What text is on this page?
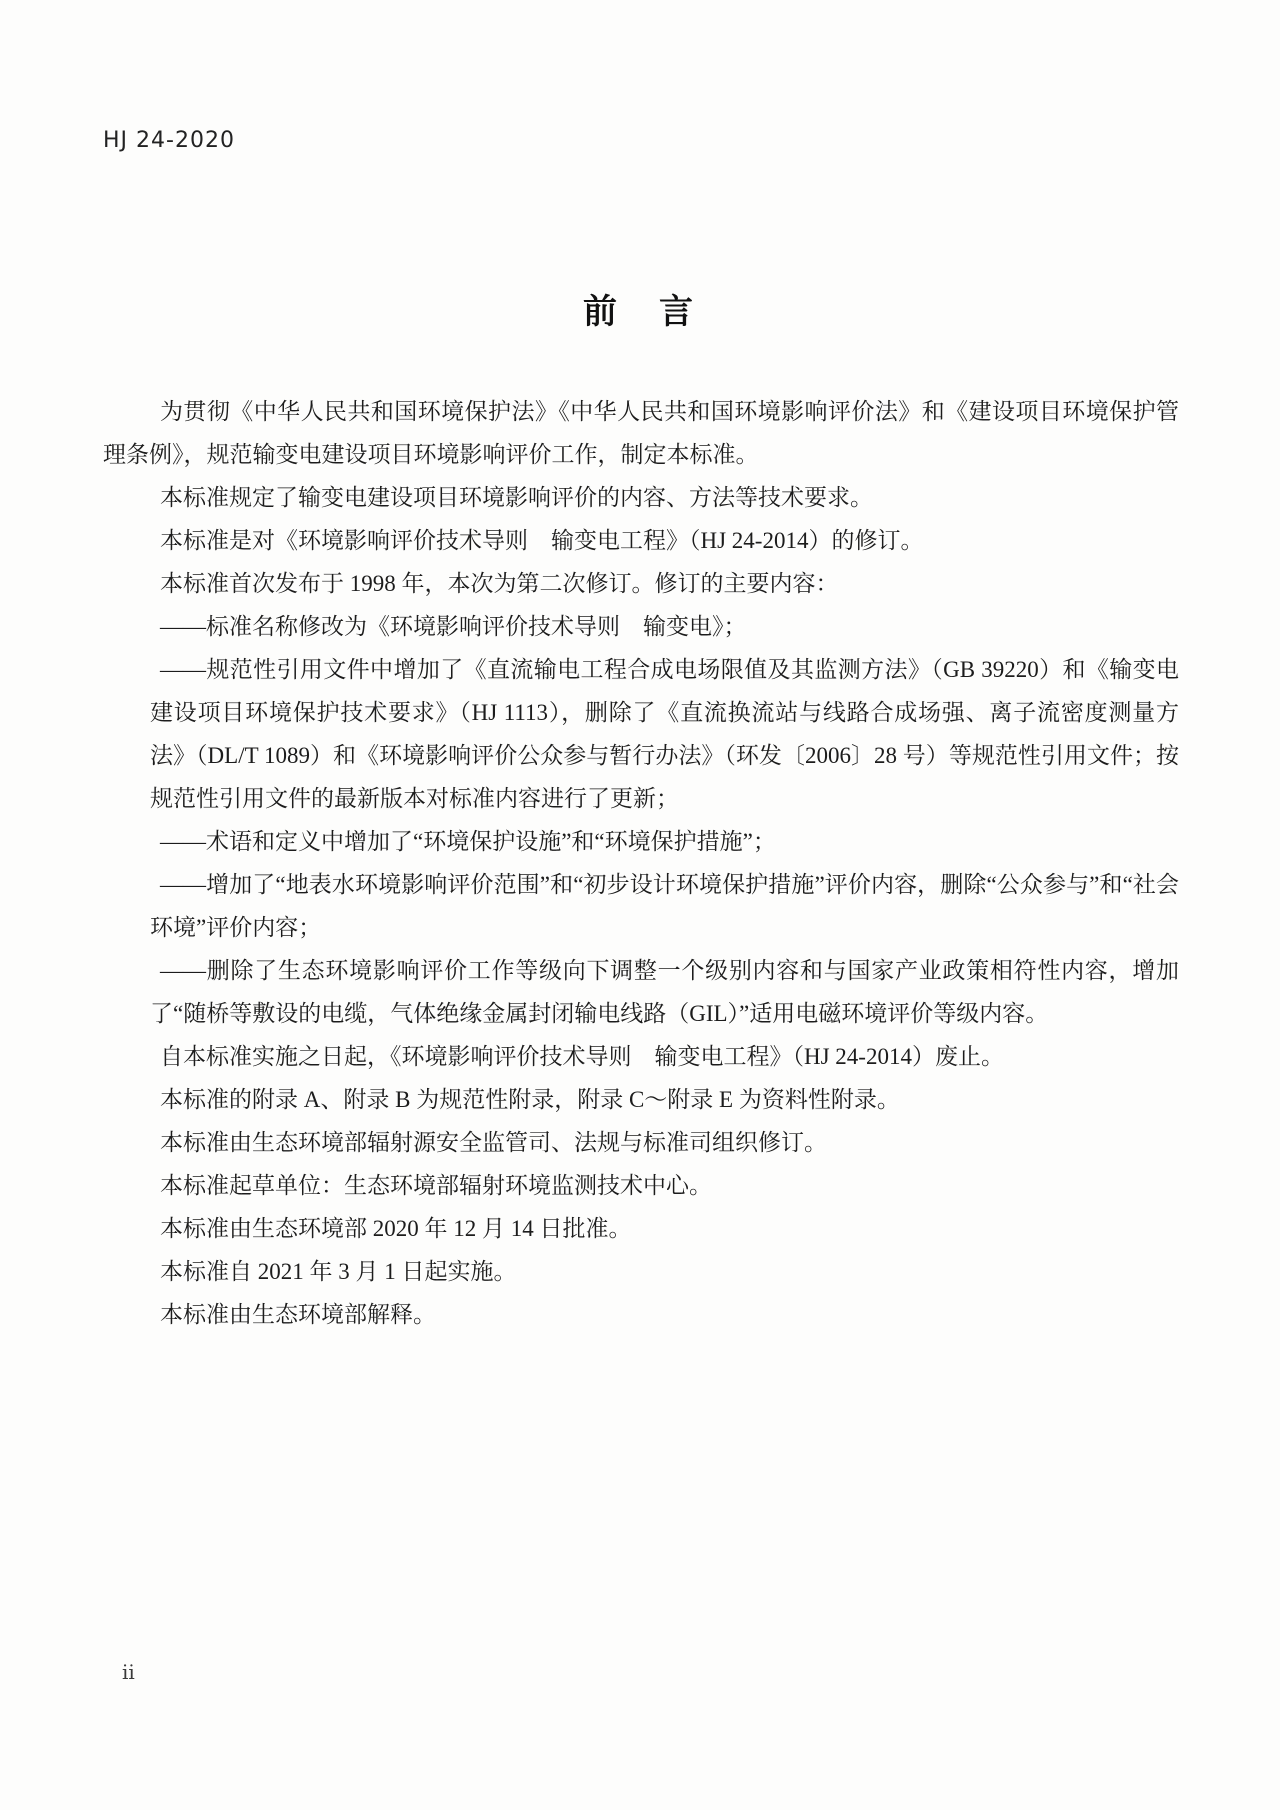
HJ 24-2020
前　言
为贯彻《中华人民共和国环境保护法》《中华人民共和国环境影响评价法》和《建设项目环境保护管理条例》，规范输变电建设项目环境影响评价工作，制定本标准。
本标准规定了输变电建设项目环境影响评价的内容、方法等技术要求。
本标准是对《环境影响评价技术导则　输变电工程》（HJ 24-2014）的修订。
本标准首次发布于 1998 年，本次为第二次修订。修订的主要内容：
——标准名称修改为《环境影响评价技术导则　输变电》；
——规范性引用文件中增加了《直流输电工程合成电场限值及其监测方法》（GB 39220）和《输变电建设项目环境保护技术要求》（HJ 1113），删除了《直流换流站与线路合成场强、离子流密度测量方法》（DL/T 1089）和《环境影响评价公众参与暂行办法》（环发〔2006〕28 号）等规范性引用文件；按规范性引用文件的最新版本对标准内容进行了更新；
——术语和定义中增加了“环境保护设施”和“环境保护措施”；
——增加了“地表水环境影响评价范围”和“初步设计环境保护措施”评价内容，删除“公众参与”和“社会环境”评价内容；
——删除了生态环境影响评价工作等级向下调整一个级别内容和与国家产业政策相符性内容，增加了“随桥等敷设的电缆，气体绝缘金属封闭输电线路（GIL）”适用电磁环境评价等级内容。
自本标准实施之日起，《环境影响评价技术导则　输变电工程》（HJ 24-2014）废止。
本标准的附录 A、附录 B 为规范性附录，附录 C～附录 E 为资料性附录。
本标准由生态环境部辐射源安全监管司、法规与标准司组织修订。
本标准起草单位：生态环境部辐射环境监测技术中心。
本标准由生态环境部 2020 年 12 月 14 日批准。
本标准自 2021 年 3 月 1 日起实施。
本标准由生态环境部解释。
ii
